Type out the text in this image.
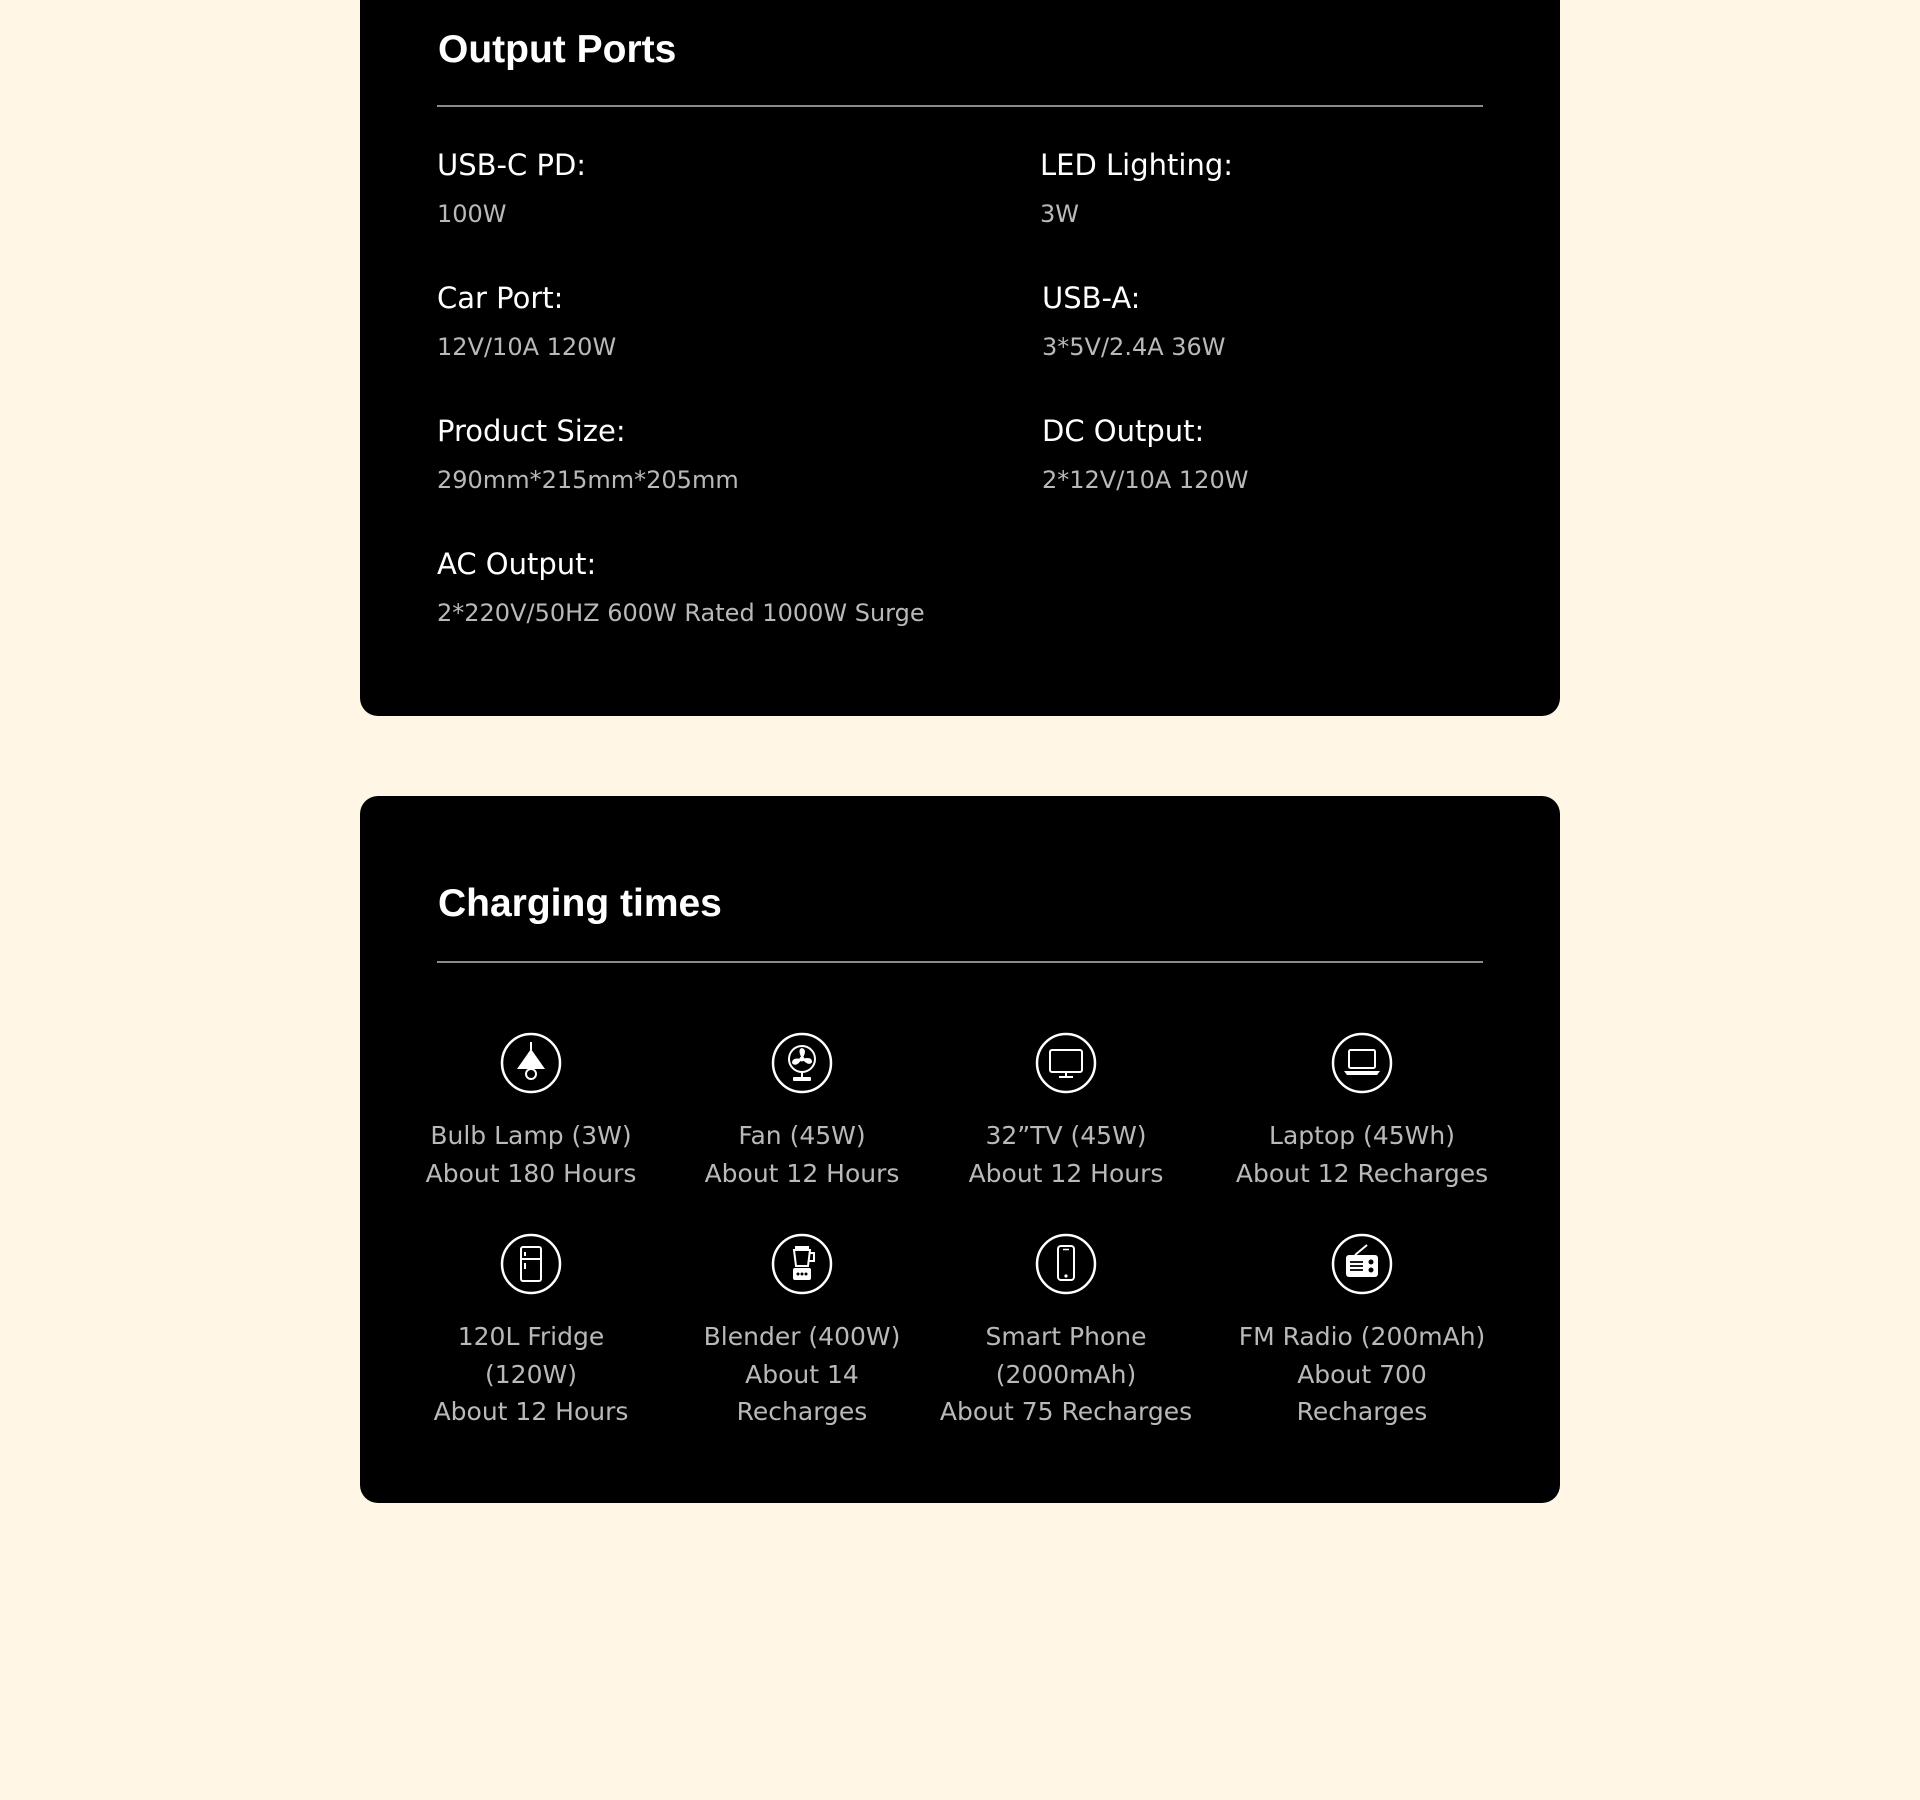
Output Ports
USB-C PD:
100W
LED Lighting:
3W
Car Port:
12V/10A 120W
USB-A:
3*5V/2.4A 36W
Product Size:
290mm*215mm*205mm
DC Output:
2*12V/10A 120W
AC Output:
2*220V/50HZ 600W Rated 1000W Surge
Charging times
Bulb Lamp (3W)
About 180 Hours
Fan (45W)
About 12 Hours
32”TV (45W)
About 12 Hours
Laptop (45Wh)
About 12 Recharges
120L Fridge
(120W)
About 12 Hours
Blender (400W)
About 14
Recharges
Smart Phone
(2000mAh)
About 75 Recharges
FM Radio (200mAh)
About 700
Recharges
